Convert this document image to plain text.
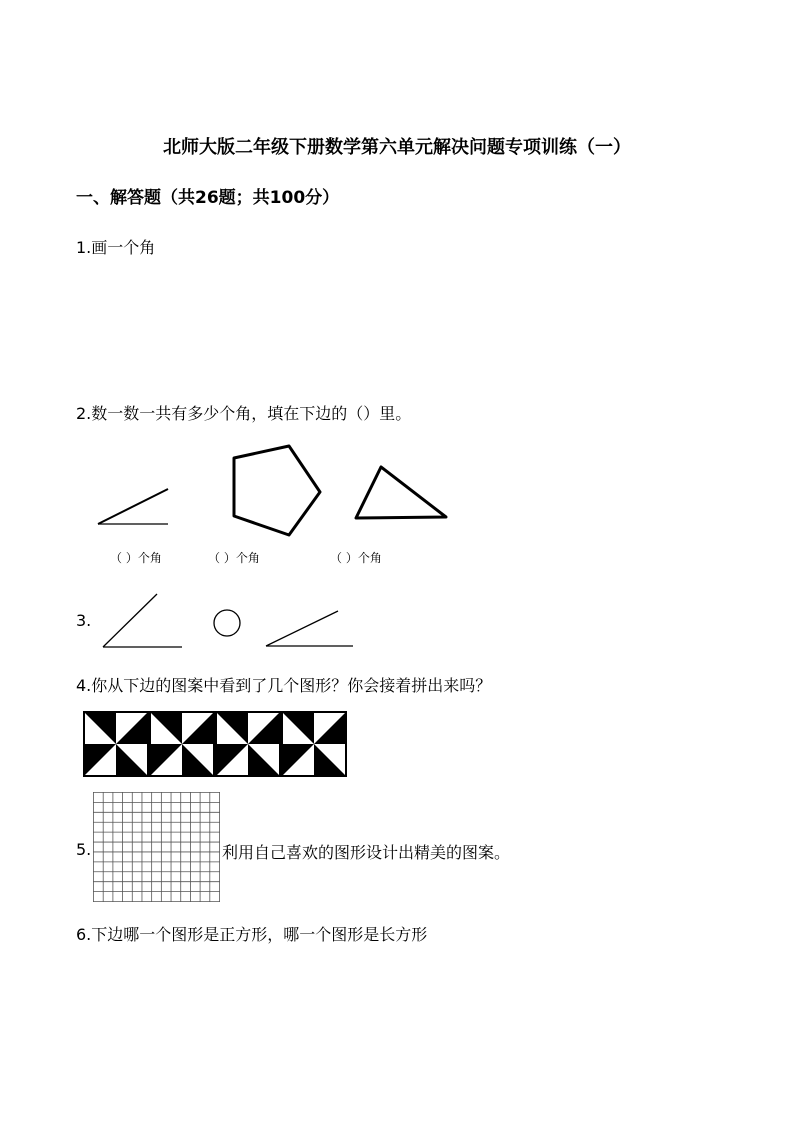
北师大版二年级下册数学第六单元解决问题专项训练（一）
一、解答题（共26题；共100分）
1.画一个角
2.数一数一共有多少个角，填在下边的（）里。
（ ）个角	（ ）个角	（ ）个角
3.
4.你从下边的图案中看到了几个图形？你会接着拼出来吗？
5.	利用自己喜欢的图形设计出精美的图案。
6.下边哪一个图形是正方形，哪一个图形是长方形
